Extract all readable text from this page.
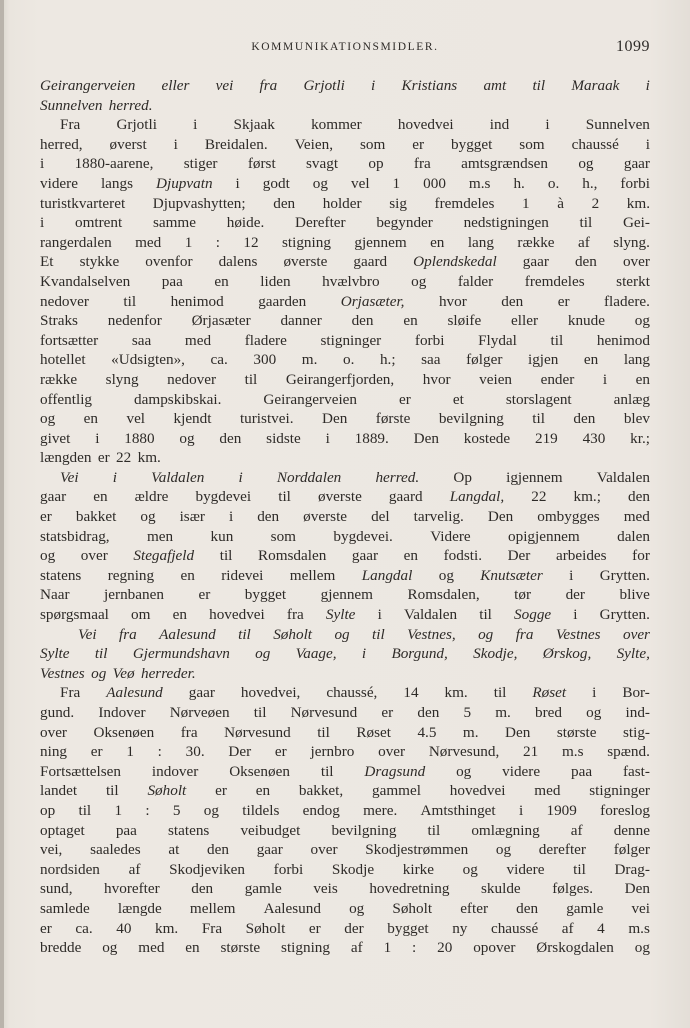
KOMMUNIKATIONSMIDLER.	1099
Geirangerveien eller vei fra Grjotli i Kristians amt til Maraak i
Sunnelven herred.
Fra Grjotli i Skjaak kommer hovedvei ind i Sunnelven
herred, øverst i Breidalen. Veien, som er bygget som chaussé i
i 1880-aarene, stiger først svagt op fra amtsgrændsen og gaar
videre langs Djupvatn i godt og vel 1 000 m.s h. o. h., forbi
turistkvarteret Djupvashytten; den holder sig fremdeles 1 à 2 km.
i omtrent samme høide. Derefter begynder nedstigningen til Gei-
rangerdalen med 1 : 12 stigning gjennem en lang række af slyng.
Et stykke ovenfor dalens øverste gaard Oplendskedal gaar den over
Kvandalselven paa en liden hvælvbro og falder fremdeles sterkt
nedover til henimod gaarden Orjasæter, hvor den er fladere.
Straks nedenfor Ørjasæter danner den en sløife eller knude og
fortsætter saa med fladere stigninger forbi Flydal til henimod
hotellet «Udsigten», ca. 300 m. o. h.; saa følger igjen en lang
række slyng nedover til Geirangerfjorden, hvor veien ender i en
offentlig	dampskibskai.	Geirangerveien	er	et	storslagent	anlæg
og en vel kjendt turistvei. Den første bevilgning til den blev
givet i 1880 og den sidste i 1889. Den kostede 219 430 kr.;
længden er 22 km.
Vei i Valdalen i Norddalen herred. Op igjennem Valdalen
gaar en ældre bygdevei til øverste gaard Langdal, 22 km.; den
er bakket og især i den øverste del tarvelig. Den ombygges med
statsbidrag, men kun som bygdevei. Videre opigjennem dalen
og over Stegafjeld til Romsdalen gaar en fodsti. Der arbeides for
statens regning en ridevei mellem Langdal og Knutsæter i Grytten.
Naar jernbanen er bygget gjennem Romsdalen, tør der blive
spørgsmaal om en hovedvei fra Sylte i Valdalen til Sogge i Grytten.
Vei fra Aalesund til Søholt og til Vestnes, og fra Vestnes over
Sylte til Gjermundshavn og Vaage, i Borgund, Skodje, Ørskog, Sylte,
Vestnes og Veø herreder.
Fra Aalesund gaar hovedvei, chaussé, 14 km. til Røset i Bor-
gund. Indover Nørveøen til Nørvesund er den 5 m. bred og ind-
over Oksenøen fra Nørvesund til Røset 4.5 m. Den største stig-
ning er 1 : 30. Der er jernbro over Nørvesund, 21 m.s spænd.
Fortsættelsen indover Oksenøen til Dragsund og videre paa fast-
landet til Søholt er en bakket, gammel hovedvei med stigninger
op til 1 : 5 og tildels endog mere. Amtsthinget i 1909 foreslog
optaget paa statens veibudget bevilgning til omlægning af denne
vei, saaledes at den gaar over Skodjestrømmen og derefter følger
nordsiden af Skodjeviken forbi Skodje kirke og videre til Drag-
sund, hvorefter den gamle veis hovedretning skulde følges. Den
samlede længde mellem Aalesund og Søholt efter den gamle vei
er ca. 40 km. Fra Søholt er der bygget ny chaussé af 4 m.s
bredde og med en største stigning af 1 : 20 opover Ørskogdalen og
